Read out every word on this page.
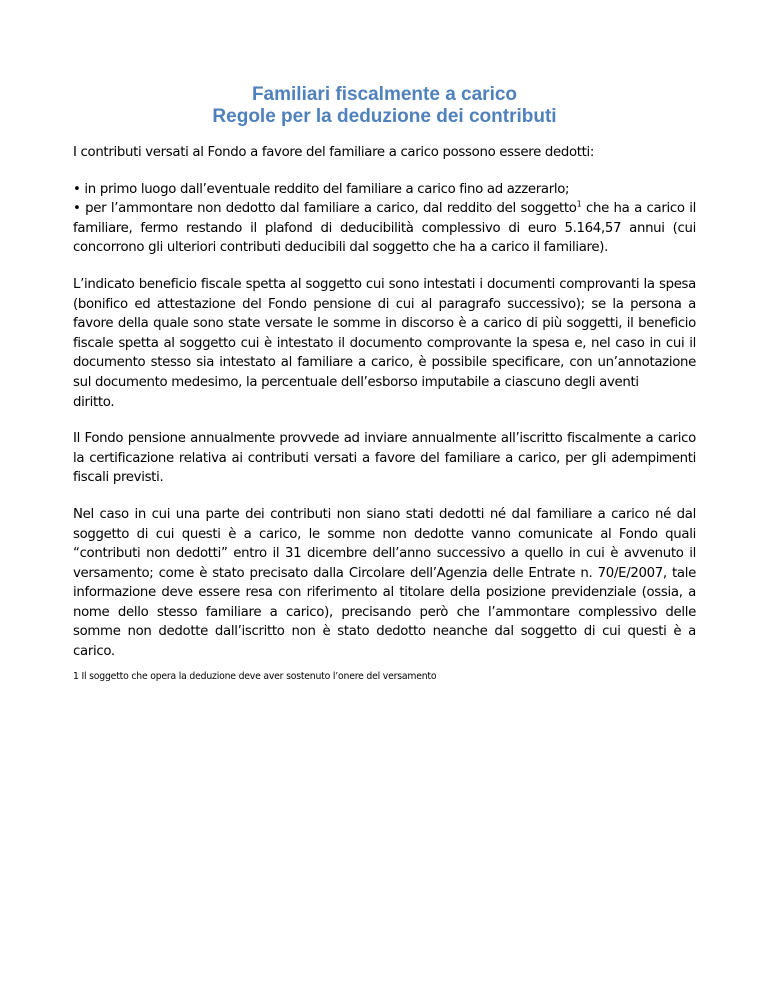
Familiari fiscalmente a carico
Regole per la deduzione dei contributi

I contributi versati al Fondo a favore del familiare a carico possono essere dedotti:

• in primo luogo dall’eventuale reddito del familiare a carico fino ad azzerarlo;

• per l’ammontare non dedotto dal familiare a carico, dal reddito del soggetto$^1$ che ha a carico il familiare, fermo restando il plafond di deducibilità complessivo di euro 5.164,57 annui (cui concorrono gli ulteriori contributi deducibili dal soggetto che ha a carico il familiare).

L’indicato beneficio fiscale spetta al soggetto cui sono intestati i documenti comprovanti la spesa (bonifico ed attestazione del Fondo pensione di cui al paragrafo successivo); se la persona a favore della quale sono state versate le somme in discorso è a carico di più soggetti, il beneficio fiscale spetta al soggetto cui è intestato il documento comprovante la spesa e, nel caso in cui il documento stesso sia intestato al familiare a carico, è possibile specificare, con un’annotazione sul documento medesimo, la percentuale dell’esborso imputabile a ciascuno degli aventi
diritto.

Il Fondo pensione annualmente provvede ad inviare annualmente all’iscritto fiscalmente a carico la certificazione relativa ai contributi versati a favore del familiare a carico, per gli adempimenti fiscali previsti.

Nel caso in cui una parte dei contributi non siano stati dedotti né dal familiare a carico né dal soggetto di cui questi è a carico, le somme non dedotte vanno comunicate al Fondo quali “contributi non dedotti” entro il 31 dicembre dell’anno successivo a quello in cui è avvenuto il versamento; come è stato precisato dalla Circolare dell’Agenzia delle Entrate n. 70/E/2007, tale informazione deve essere resa con riferimento al titolare della posizione previdenziale (ossia, a nome dello stesso familiare a carico), precisando però che l’ammontare complessivo delle somme non dedotte dall’iscritto non è stato dedotto neanche dal soggetto di cui questi è a carico.

1 Il soggetto che opera la deduzione deve aver sostenuto l’onere del versamento
